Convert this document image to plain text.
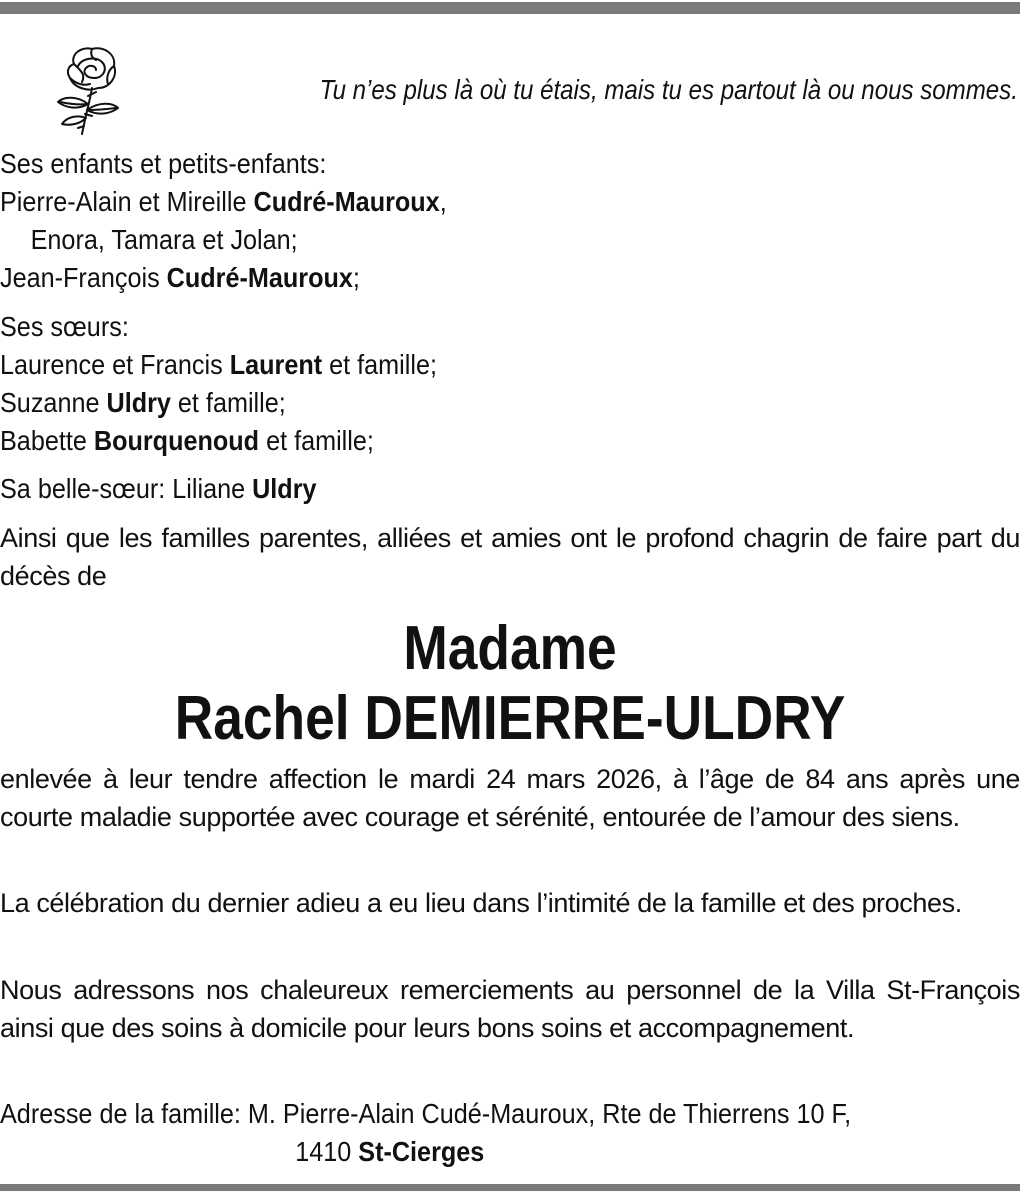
Tu n’es plus là où tu étais, mais tu es partout là ou nous sommes.

Ses enfants et petits-enfants:

Pierre-Alain et Mireille Cudré-Mauroux,

Enora, Tamara et Jolan;

Jean-François Cudré-Mauroux;

Ses sœurs:

Laurence et Francis Laurent et famille;

Suzanne Uldry et famille;

Babette Bourquenoud et famille;

Sa belle-sœur: Liliane Uldry

Ainsi que les familles parentes, alliées et amies ont le profond chagrin de faire part du décès de

Madame

Rachel DEMIERRE-ULDRY

enlevée à leur tendre affection le mardi 24 mars 2026, à l’âge de 84 ans après une courte maladie supportée avec courage et sérénité, entourée de l’amour des siens.

La célébration du dernier adieu a eu lieu dans l’intimité de la famille et des proches.

Nous adressons nos chaleureux remerciements au personnel de la Villa St-François ainsi que des soins à domicile pour leurs bons soins et accompagnement.

Adresse de la famille: M. Pierre-Alain Cudé-Mauroux, Rte de Thierrens 10 F,

1410 St-Cierges
